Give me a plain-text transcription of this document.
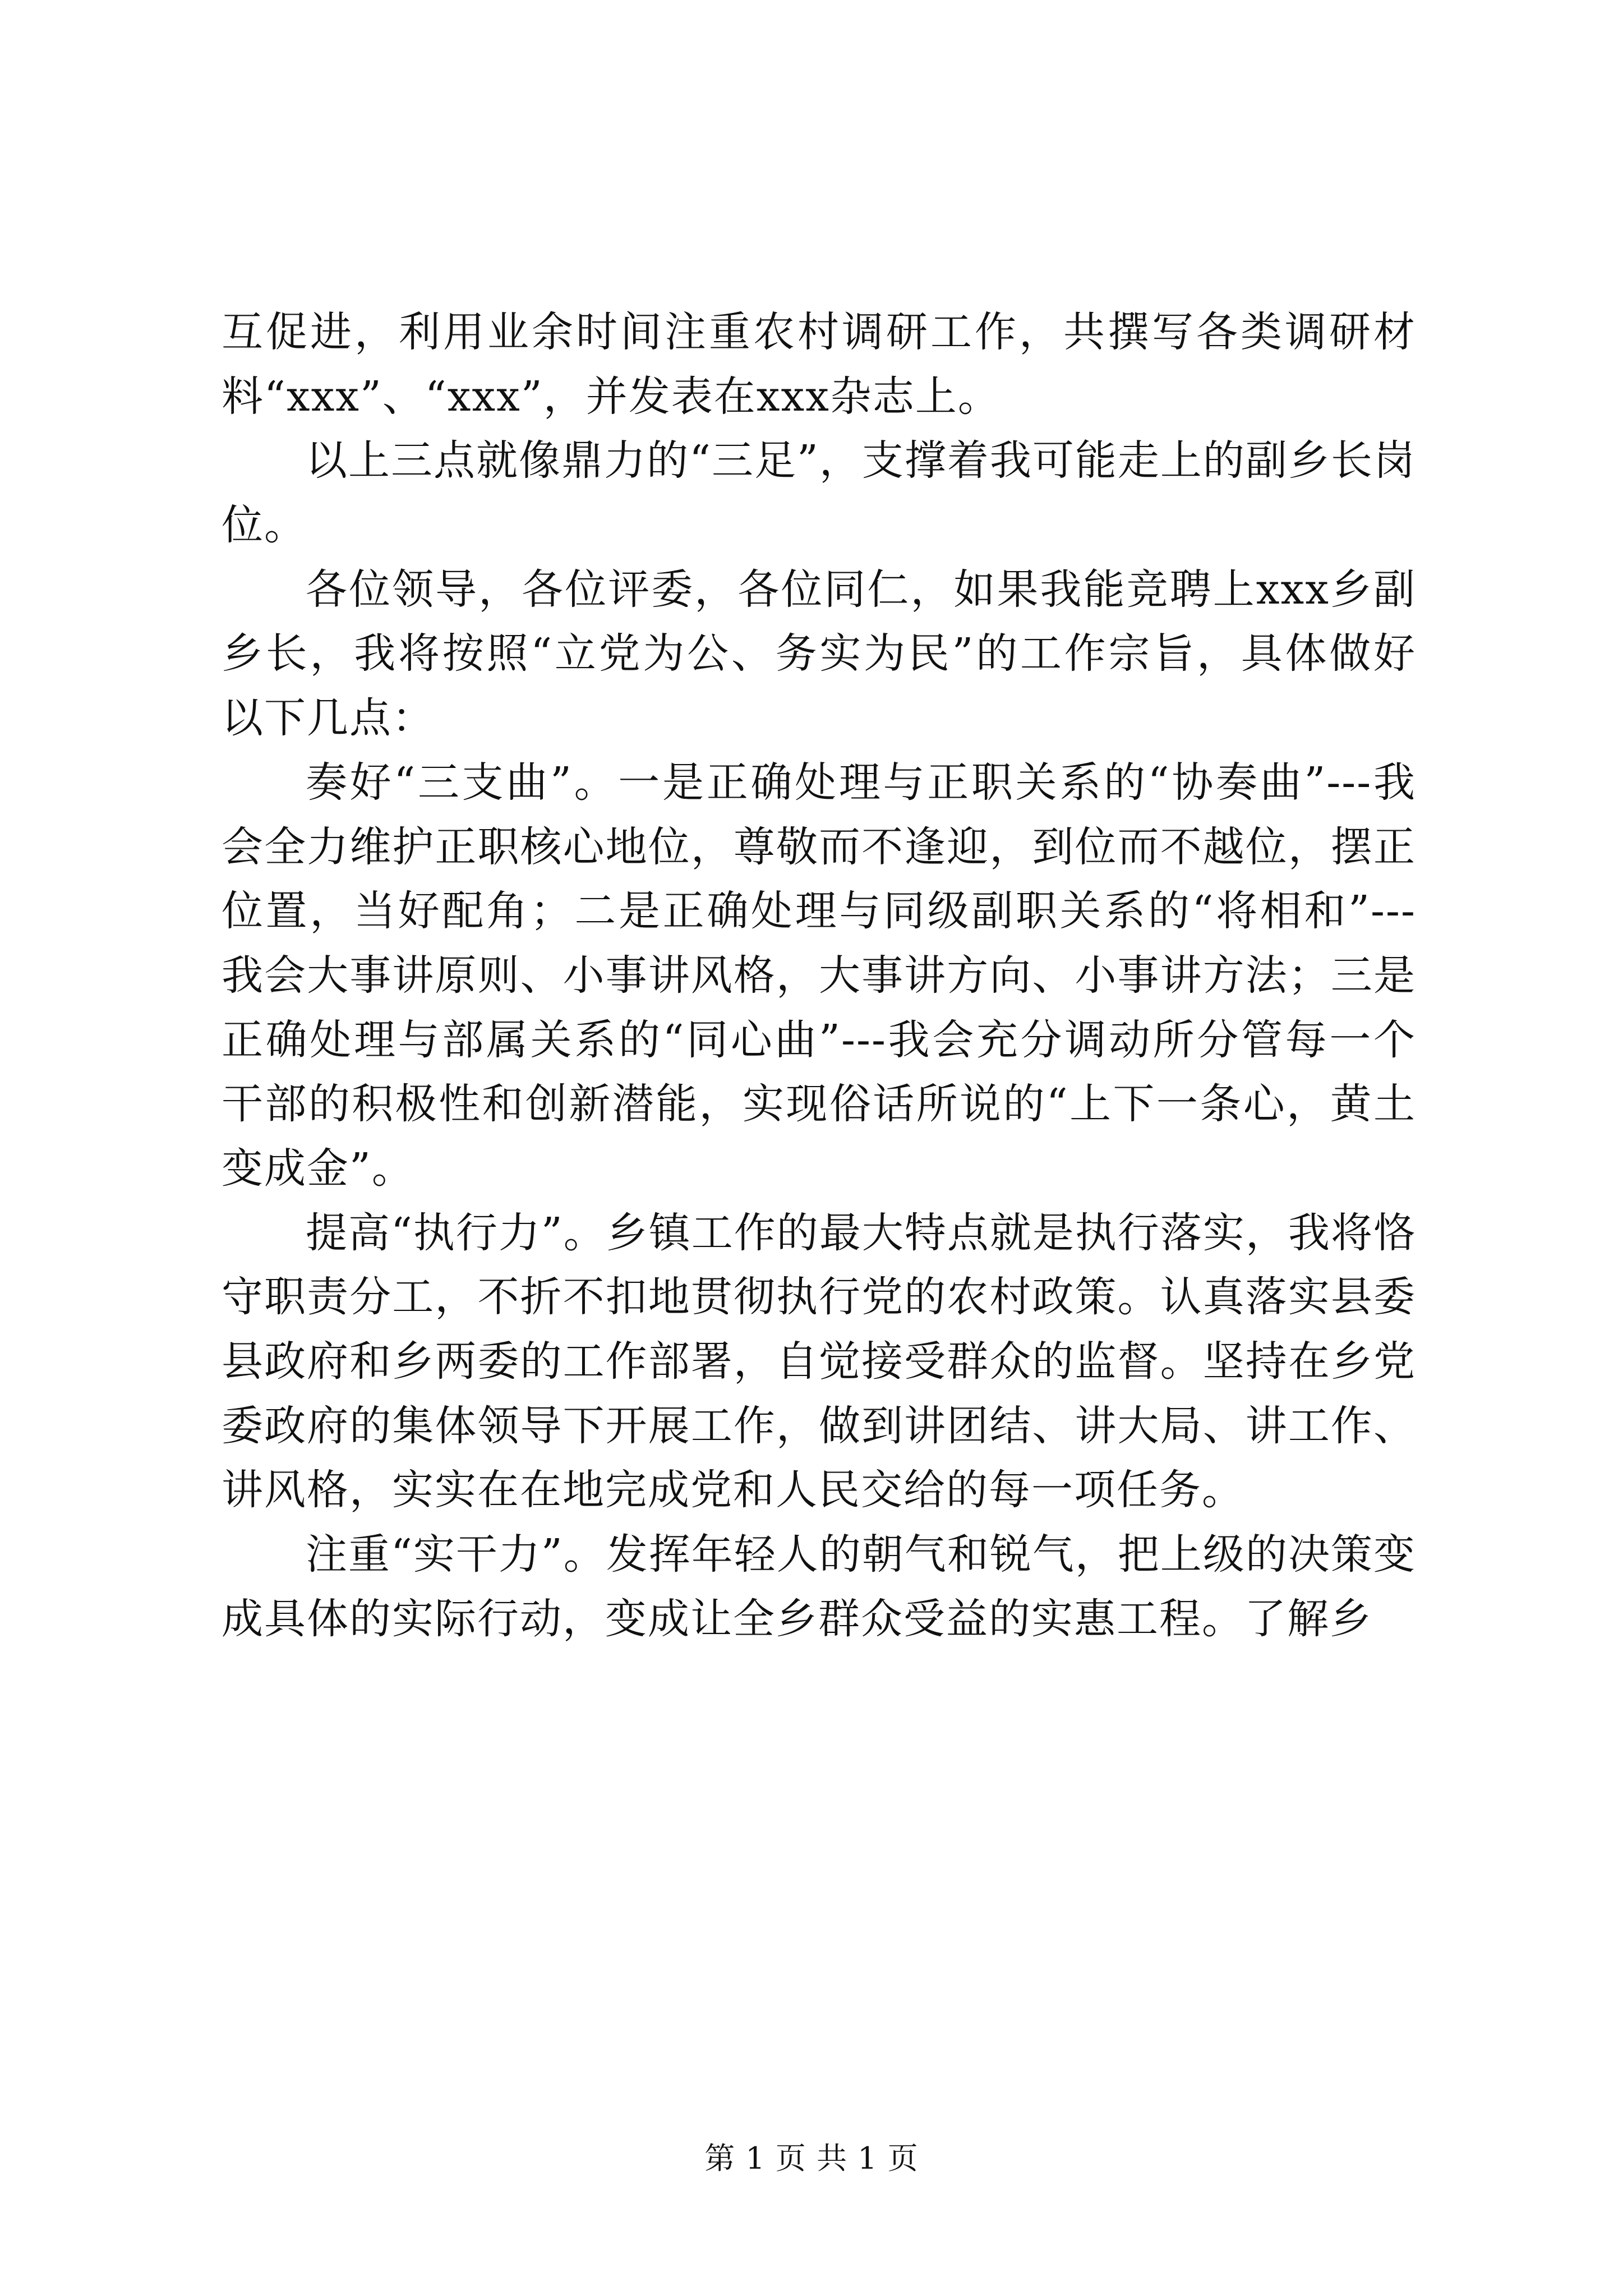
互促进，利用业余时间注重农村调研工作，共撰写各类调研材料“xxx”、“xxx”，并发表在xxx杂志上。

以上三点就像鼎力的“三足”，支撑着我可能走上的副乡长岗位。

各位领导，各位评委，各位同仁，如果我能竞聘上xxx乡副乡长，我将按照“立党为公、务实为民”的工作宗旨，具体做好以下几点：

奏好“三支曲”。一是正确处理与正职关系的“协奏曲”---我会全力维护正职核心地位，尊敬而不逢迎，到位而不越位，摆正位置，当好配角；二是正确处理与同级副职关系的“将相和”---我会大事讲原则、小事讲风格，大事讲方向、小事讲方法；三是正确处理与部属关系的“同心曲”---我会充分调动所分管每一个干部的积极性和创新潜能，实现俗话所说的“上下一条心，黄土变成金”。

提高“执行力”。乡镇工作的最大特点就是执行落实，我将恪守职责分工，不折不扣地贯彻执行党的农村政策。认真落实县委县政府和乡两委的工作部署，自觉接受群众的监督。坚持在乡党委政府的集体领导下开展工作，做到讲团结、讲大局、讲工作、讲风格，实实在在地完成党和人民交给的每一项任务。

注重“实干力”。发挥年轻人的朝气和锐气，把上级的决策变成具体的实际行动，变成让全乡群众受益的实惠工程。了解乡

第 1 页 共 1 页
